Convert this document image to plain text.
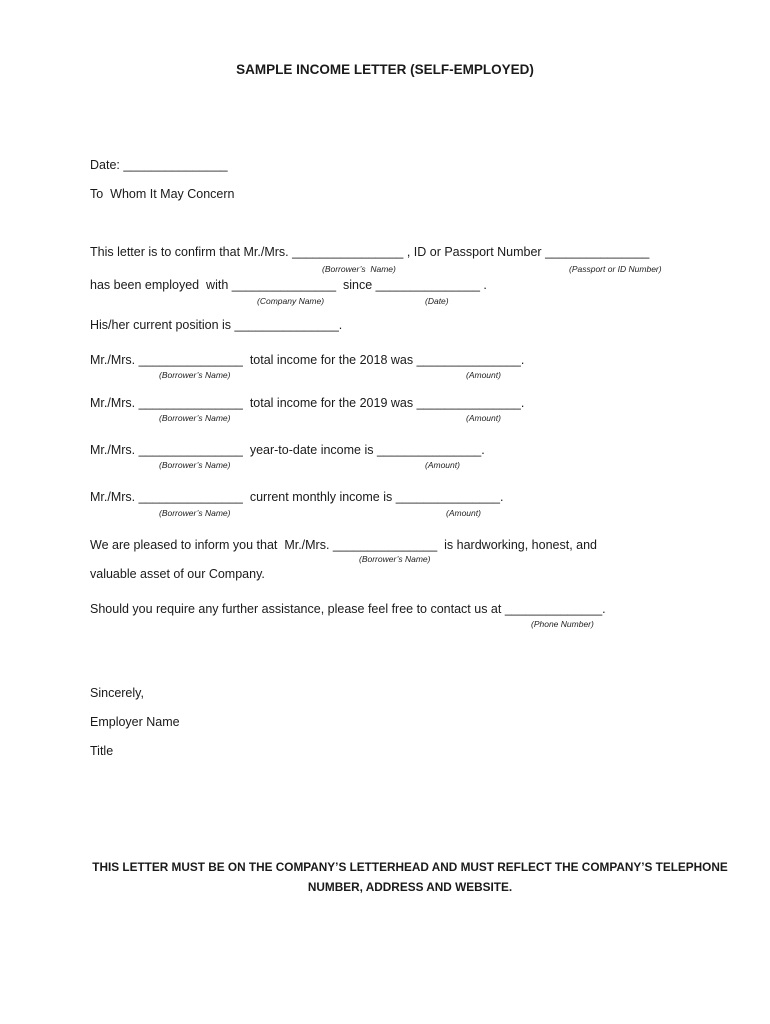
SAMPLE INCOME LETTER (SELF-EMPLOYED)
Date: _______________
To  Whom It May Concern
This letter is to confirm that Mr./Mrs. ________________ , ID or Passport Number _______________
(Borrower’s  Name)	(Passport or ID Number)
has been employed  with _______________  since _______________ .
(Company Name)	(Date)
His/her current position is _______________.
Mr./Mrs. _______________  total income for the 2018 was _______________.
(Borrower’s Name)	(Amount)
Mr./Mrs. _______________  total income for the 2019 was _______________.
(Borrower’s Name)	(Amount)
Mr./Mrs. _______________  year-to-date income is _______________.
(Borrower’s Name)	(Amount)
Mr./Mrs. _______________  current monthly income is _______________.
(Borrower’s Name)	(Amount)
We are pleased to inform you that  Mr./Mrs. _______________  is hardworking, honest, and
(Borrower’s Name)
valuable asset of our Company.
Should you require any further assistance, please feel free to contact us at ______________.
(Phone Number)
Sincerely,
Employer Name
Title
THIS LETTER MUST BE ON THE COMPANY’S LETTERHEAD AND MUST REFLECT THE COMPANY’S TELEPHONE
NUMBER, ADDRESS AND WEBSITE.
